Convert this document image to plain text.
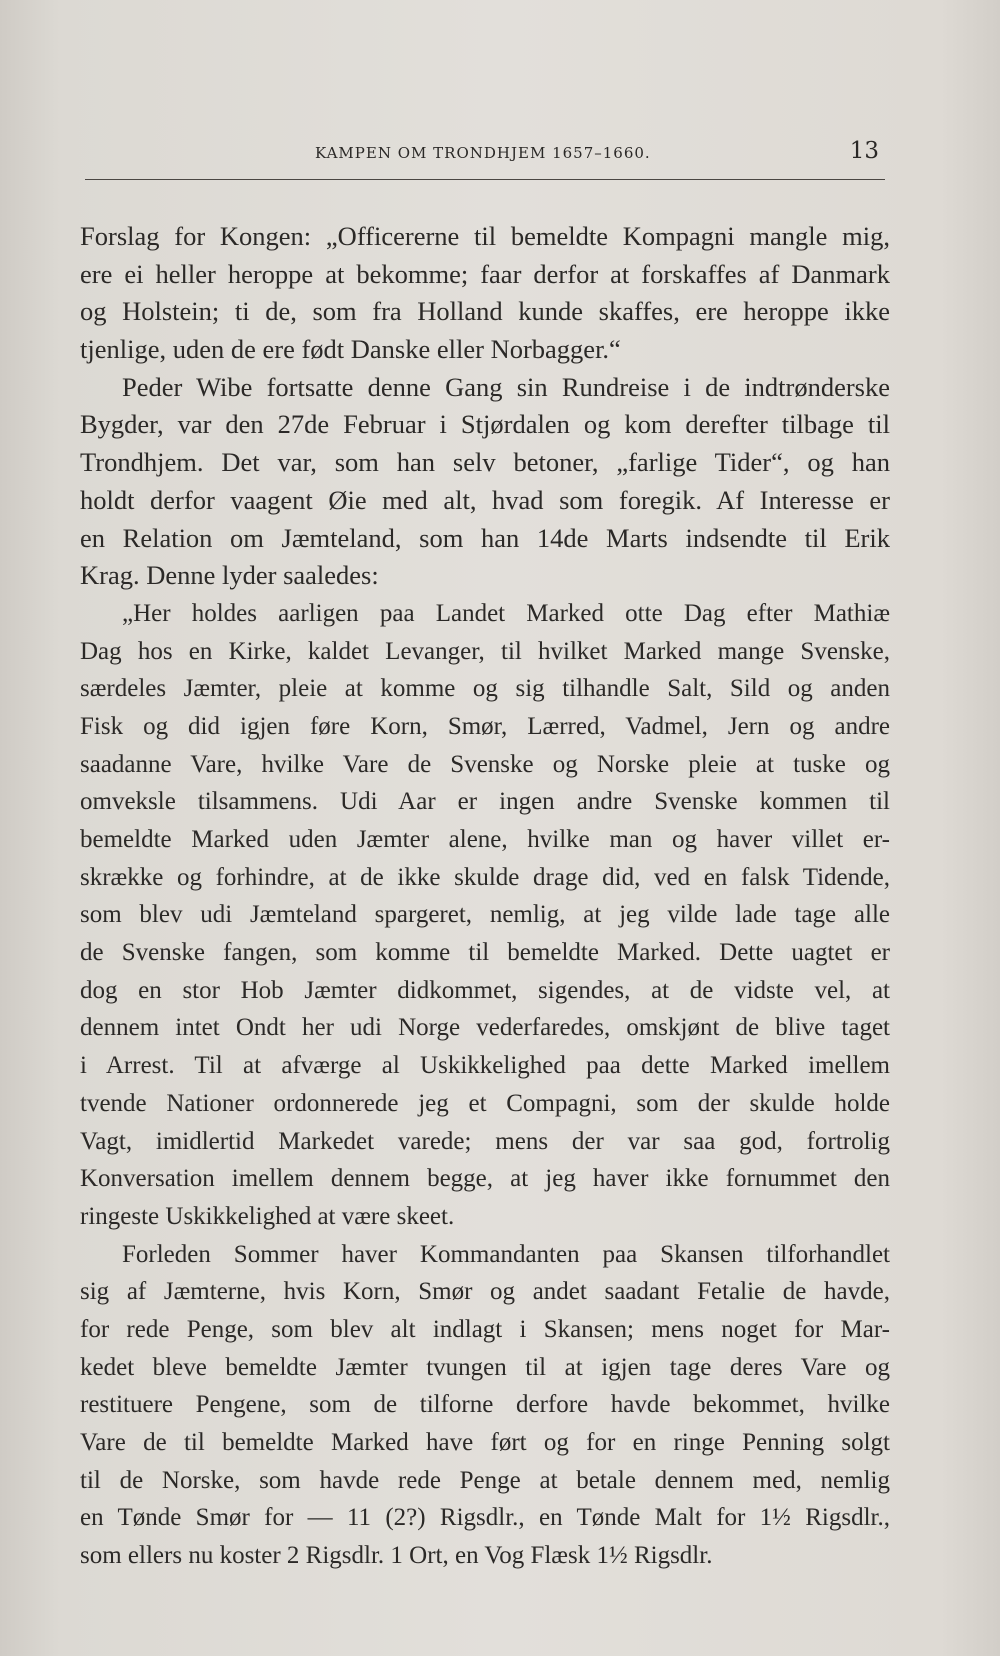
KAMPEN OM TRONDHJEM 1657–1660.	13
Forslag for Kongen: „Officererne til bemeldte Kompagni mangle mig,
ere ei heller heroppe at bekomme; faar derfor at forskaffes af Danmark
og Holstein; ti de, som fra Holland kunde skaffes, ere heroppe ikke
tjenlige, uden de ere født Danske eller Norbagger.“
Peder Wibe fortsatte denne Gang sin Rundreise i de indtrønderske
Bygder, var den 27de Februar i Stjørdalen og kom derefter tilbage til
Trondhjem. Det var, som han selv betoner, „farlige Tider“, og han
holdt derfor vaagent Øie med alt, hvad som foregik. Af Interesse er
en Relation om Jæmteland, som han 14de Marts indsendte til Erik
Krag. Denne lyder saaledes:
„Her holdes aarligen paa Landet Marked otte Dag efter Mathiæ
Dag hos en Kirke, kaldet Levanger, til hvilket Marked mange Svenske,
særdeles Jæmter, pleie at komme og sig tilhandle Salt, Sild og anden
Fisk og did igjen føre Korn, Smør, Lærred, Vadmel, Jern og andre
saadanne Vare, hvilke Vare de Svenske og Norske pleie at tuske og
omveksle tilsammens. Udi Aar er ingen andre Svenske kommen til
bemeldte Marked uden Jæmter alene, hvilke man og haver villet er-
skrække og forhindre, at de ikke skulde drage did, ved en falsk Tidende,
som blev udi Jæmteland spargeret, nemlig, at jeg vilde lade tage alle
de Svenske fangen, som komme til bemeldte Marked. Dette uagtet er
dog en stor Hob Jæmter didkommet, sigendes, at de vidste vel, at
dennem intet Ondt her udi Norge vederfaredes, omskjønt de blive taget
i Arrest. Til at afværge al Uskikkelighed paa dette Marked imellem
tvende Nationer ordonnerede jeg et Compagni, som der skulde holde
Vagt, imidlertid Markedet varede; mens der var saa god, fortrolig
Konversation imellem dennem begge, at jeg haver ikke fornummet den
ringeste Uskikkelighed at være skeet.
Forleden Sommer haver Kommandanten paa Skansen tilforhandlet
sig af Jæmterne, hvis Korn, Smør og andet saadant Fetalie de havde,
for rede Penge, som blev alt indlagt i Skansen; mens noget for Mar-
kedet bleve bemeldte Jæmter tvungen til at igjen tage deres Vare og
restituere Pengene, som de tilforne derfore havde bekommet, hvilke
Vare de til bemeldte Marked have ført og for en ringe Penning solgt
til de Norske, som havde rede Penge at betale dennem med, nemlig
en Tønde Smør for — 11 (2?) Rigsdlr., en Tønde Malt for 1½ Rigsdlr.,
som ellers nu koster 2 Rigsdlr. 1 Ort, en Vog Flæsk 1½ Rigsdlr.
